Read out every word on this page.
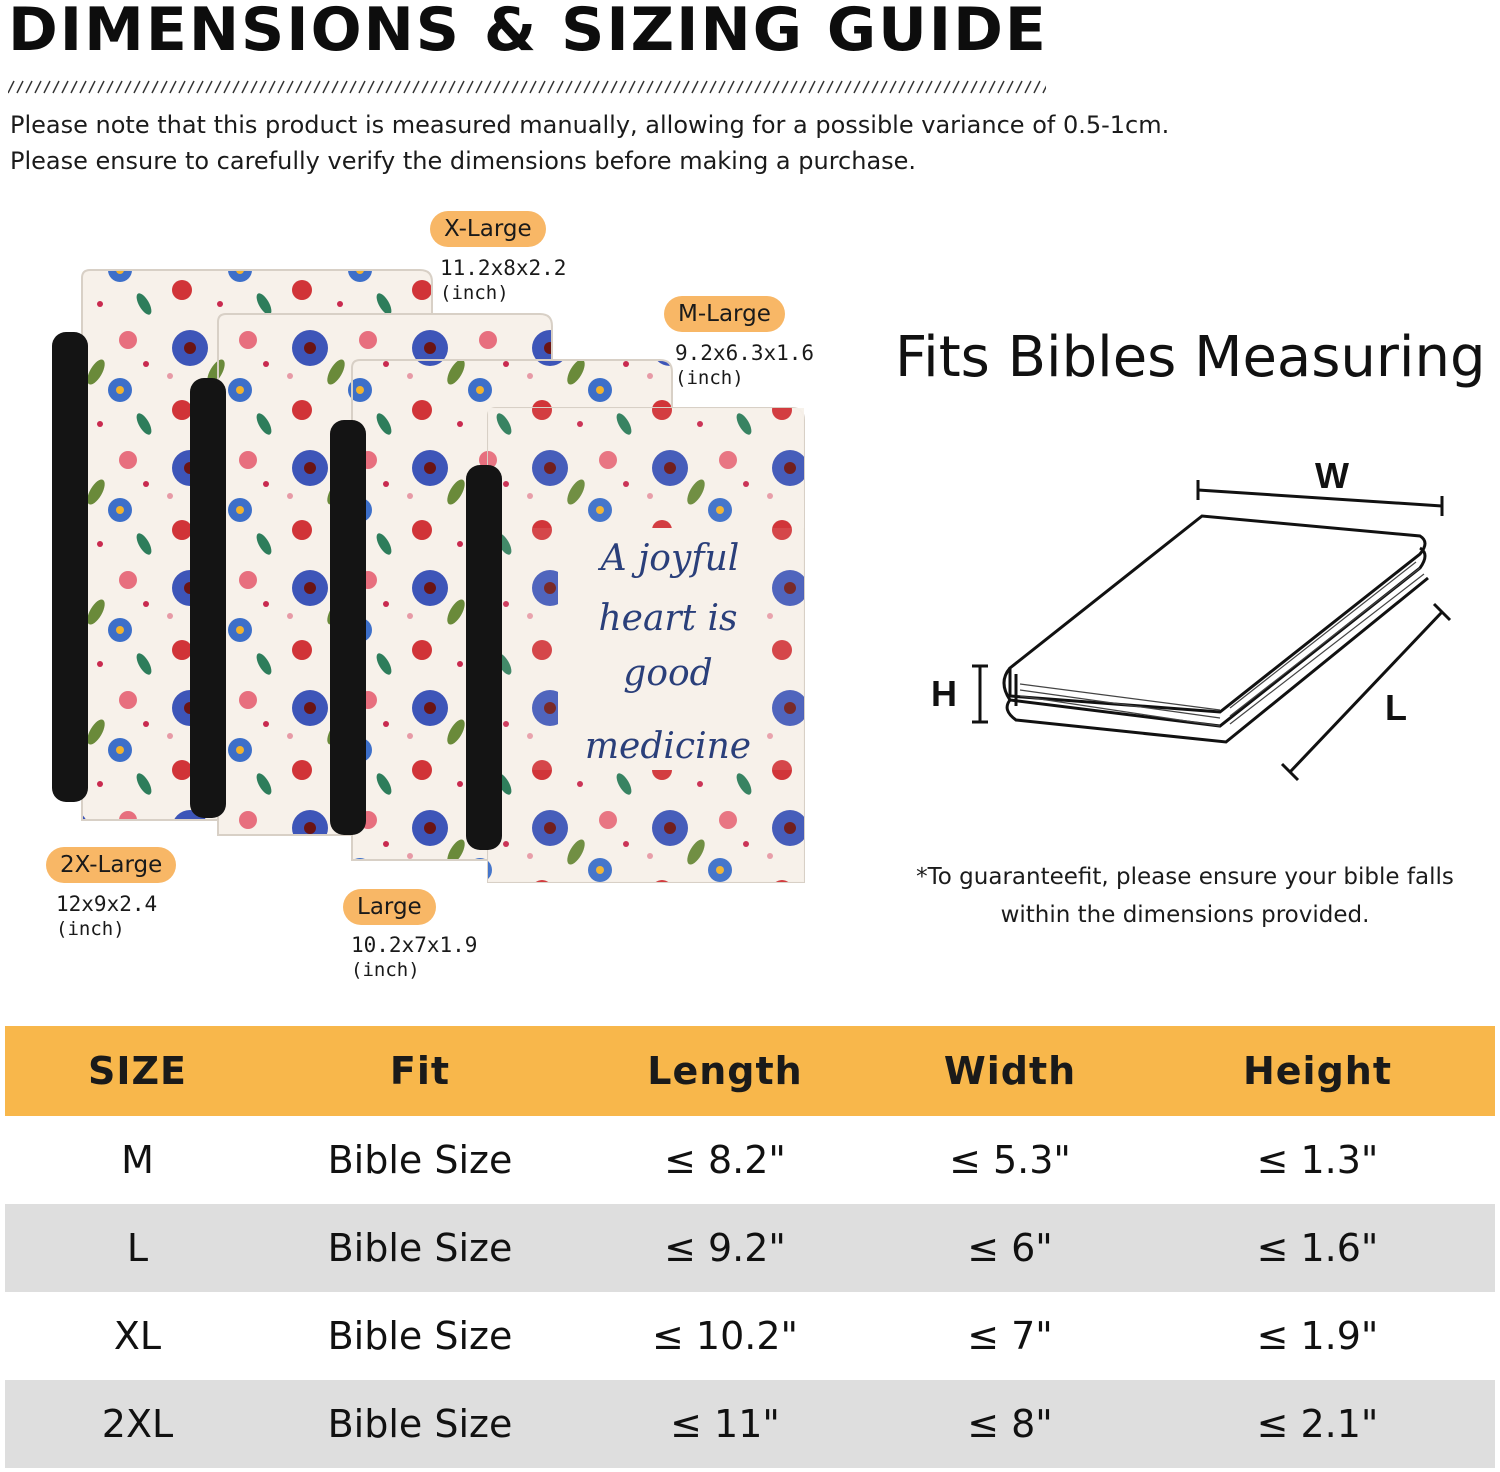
DIMENSIONS & SIZING GUIDE
Please note that this product is measured manually, allowing for a possible variance of 0.5-1cm.
Please ensure to carefully verify the dimensions before making a purchase.
A joyful
heart is
good
medicine
X-Large
11.2x8x2.2
(inch)
M-Large
9.2x6.3x1.6
(inch)
2X-Large
12x9x2.4
(inch)
Large
10.2x7x1.9
(inch)
Fits Bibles Measuring
W
H	L
*To guaranteefit, please ensure your bible falls
within the dimensions provided.
SIZE	Fit	Length	Width	Height
M	Bible Size	≤ 8.2"	≤ 5.3"	≤ 1.3"
L	Bible Size	≤ 9.2"	≤ 6"	≤ 1.6"
XL	Bible Size	≤ 10.2"	≤ 7"	≤ 1.9"
2XL	Bible Size	≤ 11"	≤ 8"	≤ 2.1"
